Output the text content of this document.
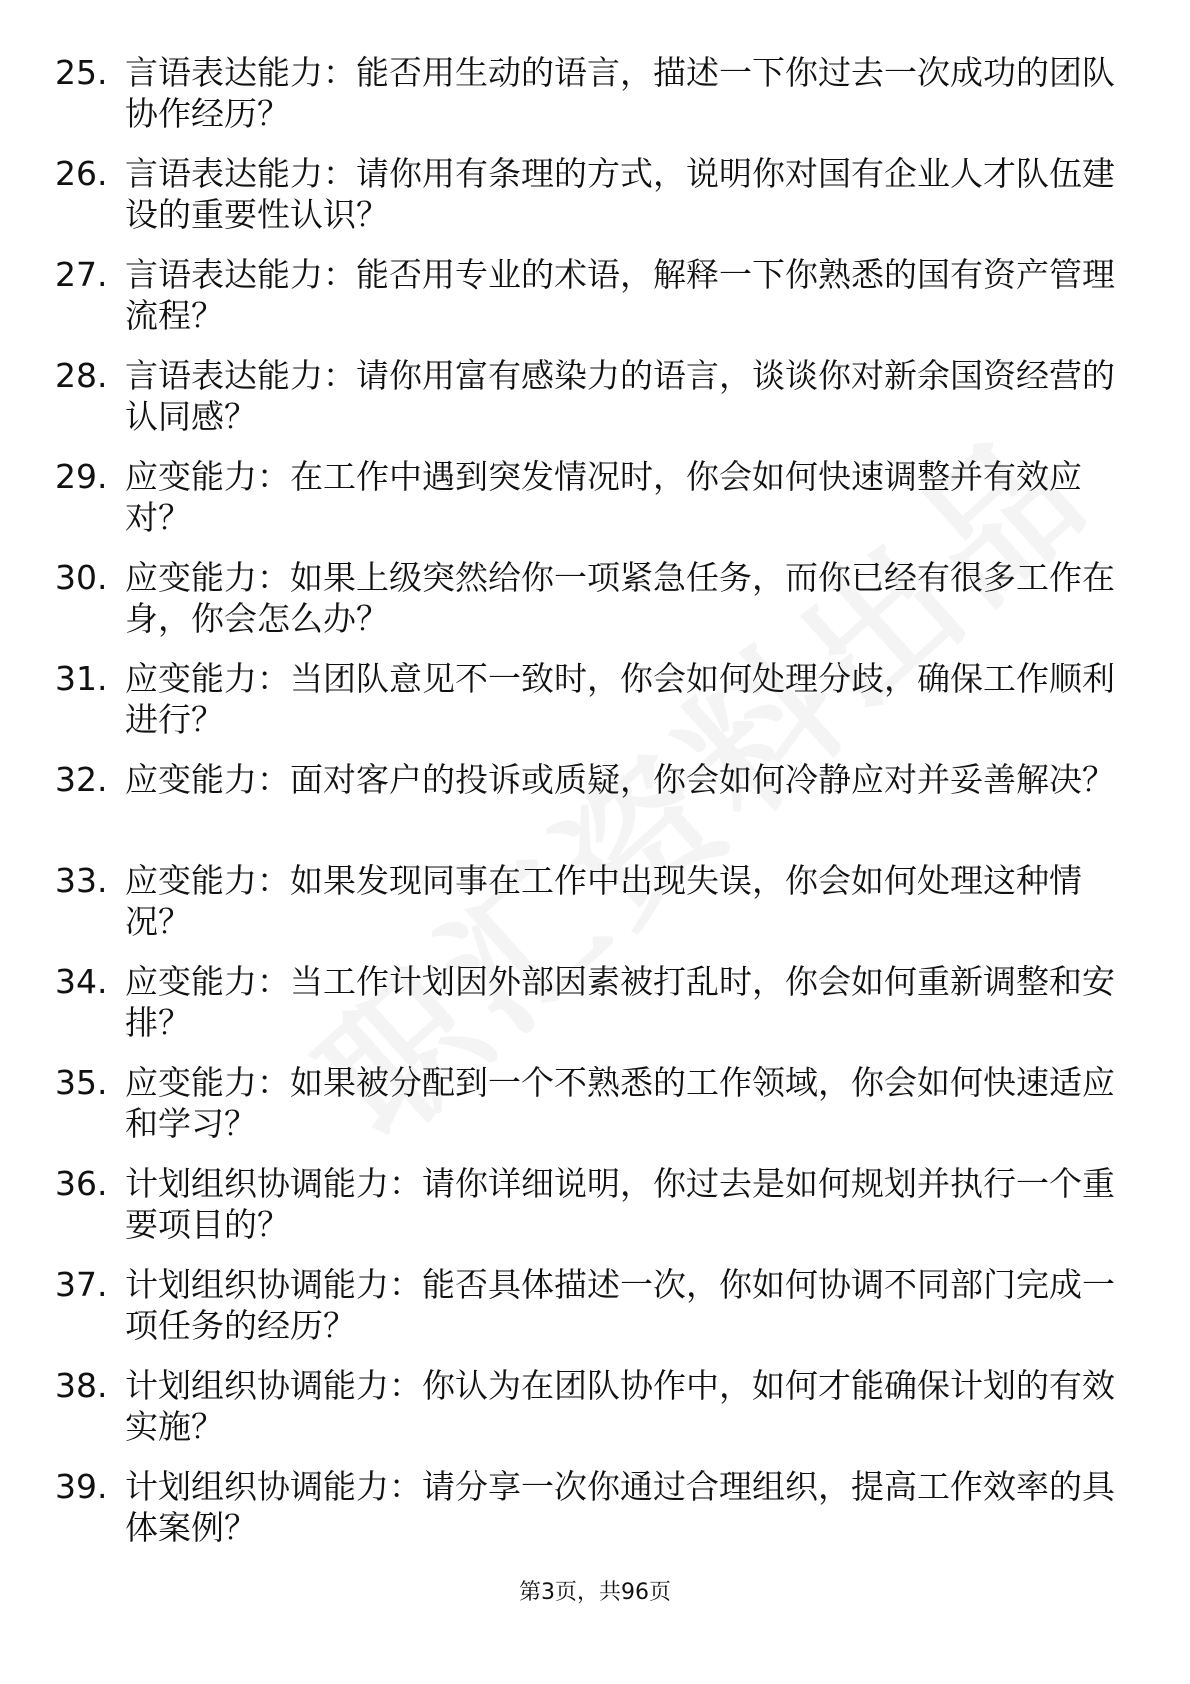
25. 言语表达能力：能否用生动的语言，描述一下你过去一次成功的团队协作经历？
26. 言语表达能力：请你用有条理的方式，说明你对国有企业人才队伍建设的重要性认识？
27. 言语表达能力：能否用专业的术语，解释一下你熟悉的国有资产管理流程？
28. 言语表达能力：请你用富有感染力的语言，谈谈你对新余国资经营的认同感？
29. 应变能力：在工作中遇到突发情况时，你会如何快速调整并有效应对？
30. 应变能力：如果上级突然给你一项紧急任务，而你已经有很多工作在身，你会怎么办？
31. 应变能力：当团队意见不一致时，你会如何处理分歧，确保工作顺利进行？
32. 应变能力：面对客户的投诉或质疑，你会如何冷静应对并妥善解决？
33. 应变能力：如果发现同事在工作中出现失误，你会如何处理这种情况？
34. 应变能力：当工作计划因外部因素被打乱时，你会如何重新调整和安排？
35. 应变能力：如果被分配到一个不熟悉的工作领域，你会如何快速适应和学习？
36. 计划组织协调能力：请你详细说明，你过去是如何规划并执行一个重要项目的？
37. 计划组织协调能力：能否具体描述一次，你如何协调不同部门完成一项任务的经历？
38. 计划组织协调能力：你认为在团队协作中，如何才能确保计划的有效实施？
39. 计划组织协调能力：请分享一次你通过合理组织，提高工作效率的具体案例？
第3页，共96页
